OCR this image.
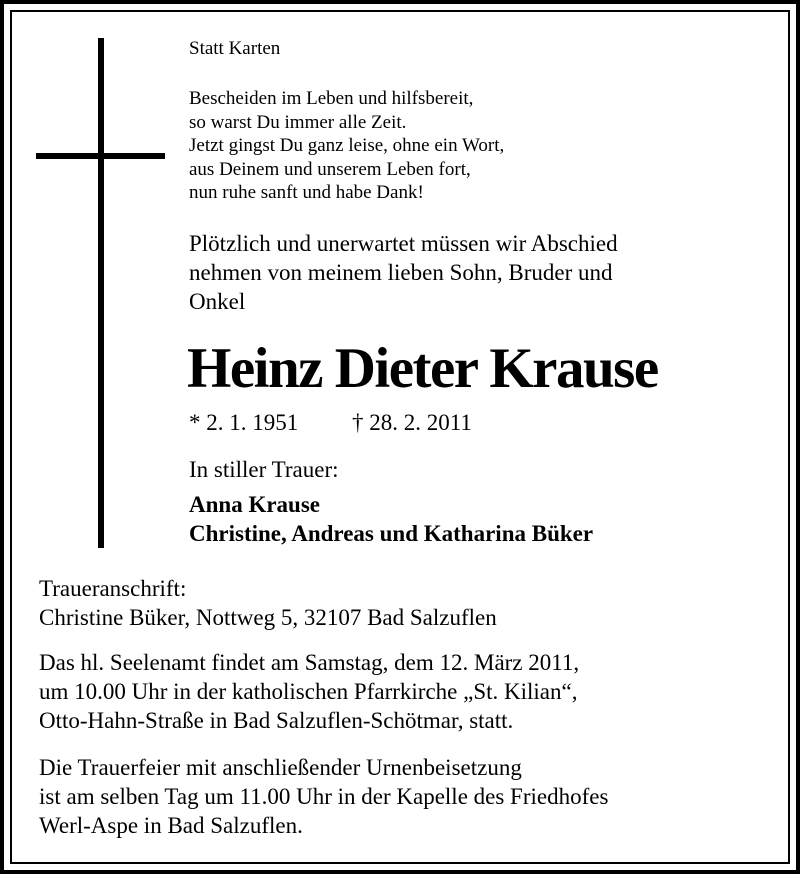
Statt Karten
Bescheiden im Leben und hilfsbereit,
so warst Du immer alle Zeit.
Jetzt gingst Du ganz leise, ohne ein Wort,
aus Deinem und unserem Leben fort,
nun ruhe sanft und habe Dank!
Plötzlich und unerwartet müssen wir Abschied
nehmen von meinem lieben Sohn, Bruder und
Onkel
Heinz Dieter Krause
* 2. 1. 1951 † 28. 2. 2011
In stiller Trauer:
Anna Krause
Christine, Andreas und Katharina Büker
Traueranschrift:
Christine Büker, Nottweg 5, 32107 Bad Salzuflen
Das hl. Seelenamt findet am Samstag, dem 12. März 2011,
um 10.00 Uhr in der katholischen Pfarrkirche „St. Kilian“,
Otto-Hahn-Straße in Bad Salzuflen-Schötmar, statt.
Die Trauerfeier mit anschließender Urnenbeisetzung
ist am selben Tag um 11.00 Uhr in der Kapelle des Friedhofes
Werl-Aspe in Bad Salzuflen.
